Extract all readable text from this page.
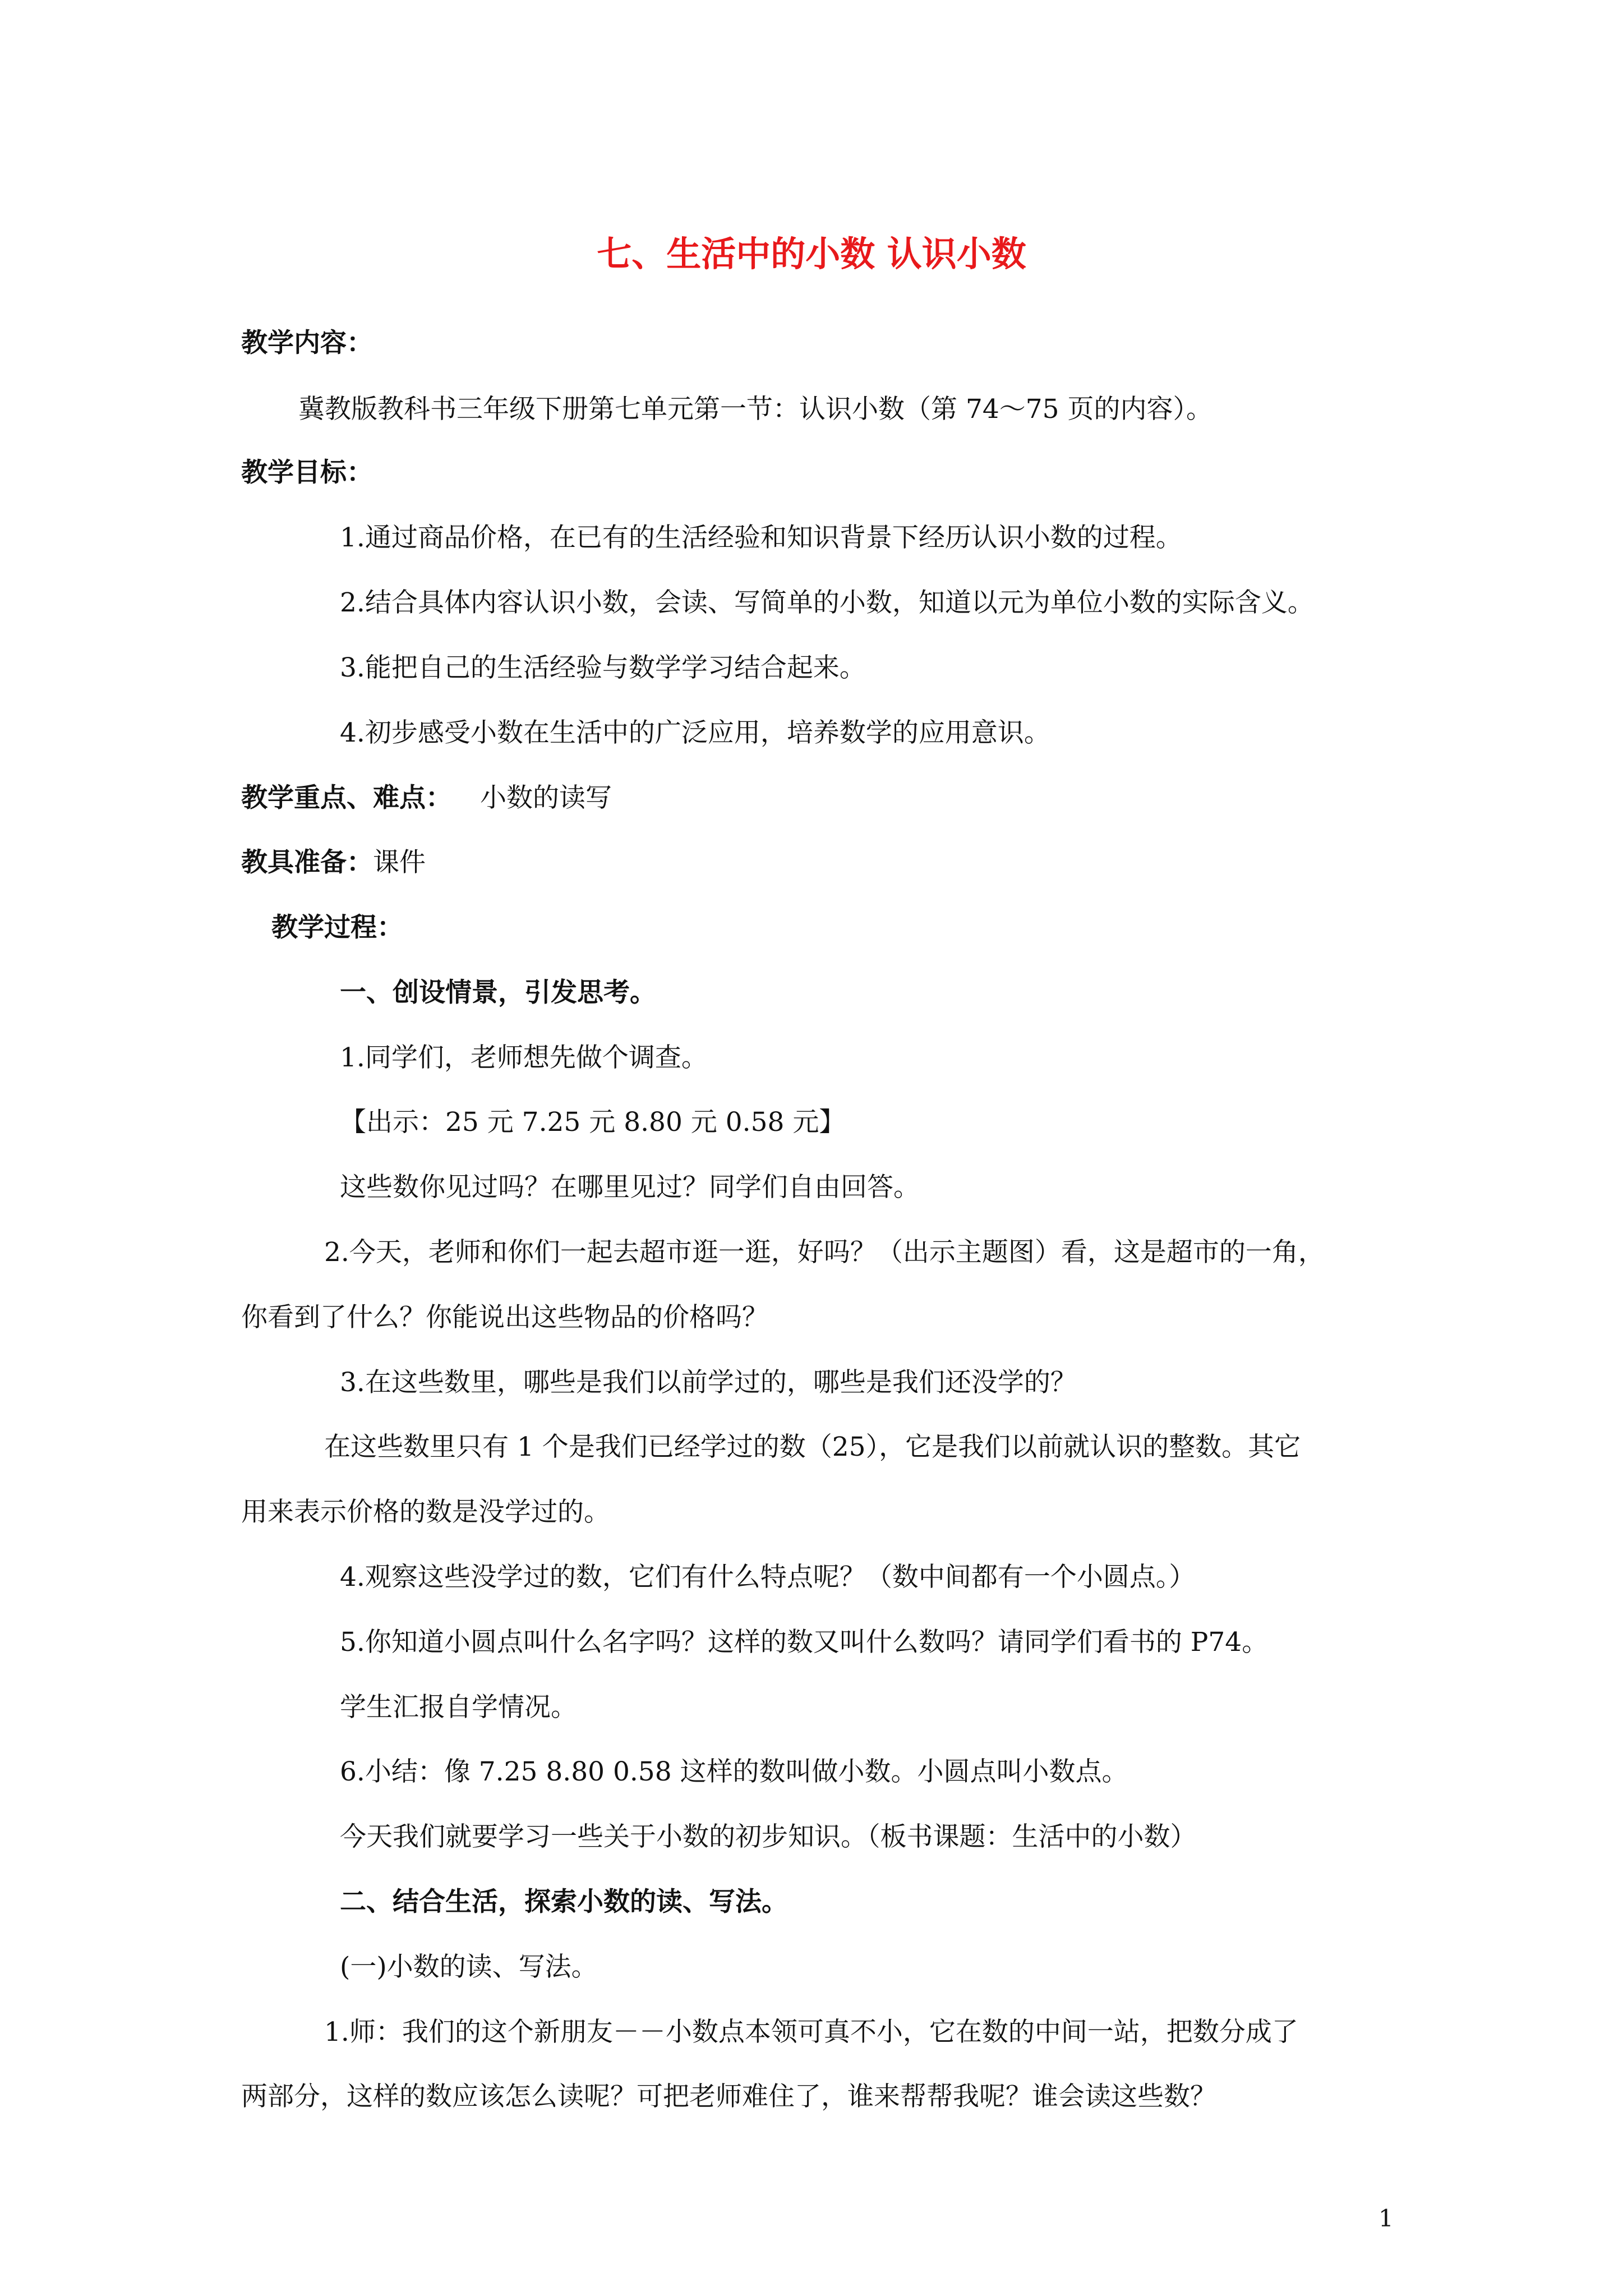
七、生活中的小数 认识小数
教学内容：
冀教版教科书三年级下册第七单元第一节：认识小数（第 74～75 页的内容）。
教学目标：
1.通过商品价格，在已有的生活经验和知识背景下经历认识小数的过程。
2.结合具体内容认识小数，会读、写简单的小数，知道以元为单位小数的实际含义。
3.能把自己的生活经验与数学学习结合起来。
4.初步感受小数在生活中的广泛应用，培养数学的应用意识。
教学重点、难点： 小数的读写
教具准备：课件
教学过程：
一、创设情景，引发思考。
1.同学们，老师想先做个调查。
【出示：25 元 7.25 元 8.80 元 0.58 元】
这些数你见过吗？在哪里见过？同学们自由回答。
2.今天，老师和你们一起去超市逛一逛，好吗？（出示主题图）看，这是超市的一角，
你看到了什么？你能说出这些物品的价格吗？
3.在这些数里，哪些是我们以前学过的，哪些是我们还没学的？
在这些数里只有 1 个是我们已经学过的数（25），它是我们以前就认识的整数。其它
用来表示价格的数是没学过的。
4.观察这些没学过的数，它们有什么特点呢？（数中间都有一个小圆点。）
5.你知道小圆点叫什么名字吗？这样的数又叫什么数吗？请同学们看书的 P74。
学生汇报自学情况。
6.小结：像 7.25 8.80 0.58 这样的数叫做小数。小圆点叫小数点。
今天我们就要学习一些关于小数的初步知识。（板书课题：生活中的小数）
二、结合生活，探索小数的读、写法。
(一)小数的读、写法。
1.师：我们的这个新朋友－－小数点本领可真不小，它在数的中间一站，把数分成了
两部分，这样的数应该怎么读呢？可把老师难住了，谁来帮帮我呢？谁会读这些数？
1
